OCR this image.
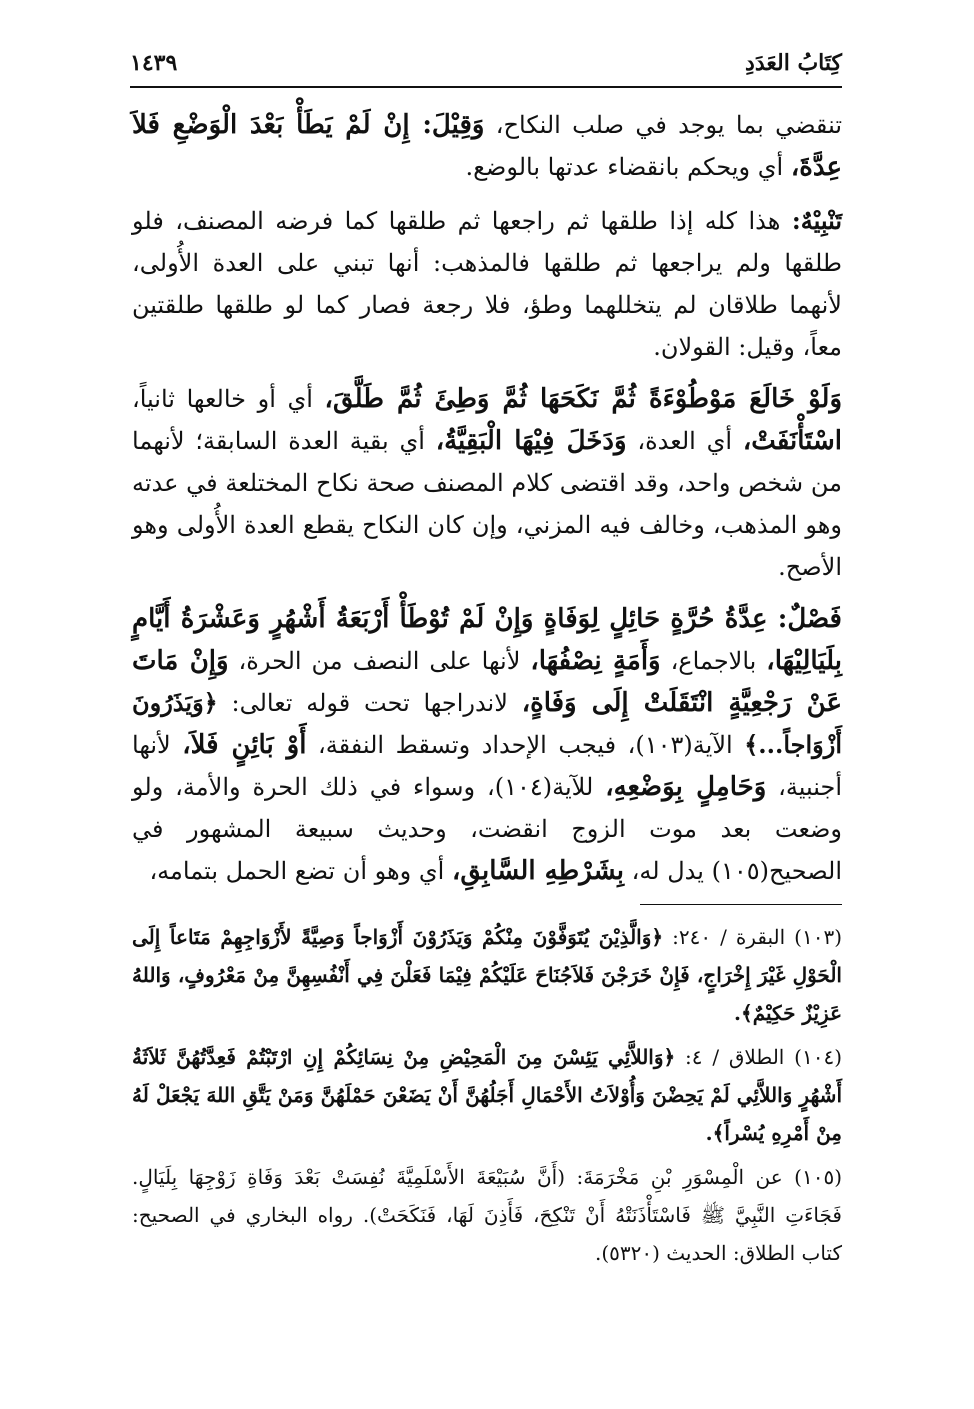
كِتَابُ العَدَدِ
١٤٣٩

تنقضي بما يوجد في صلب النكاح، وَقِيْلَ: إِنْ لَمْ يَطَأْ بَعْدَ الْوَضْعِ فَلاَ عِدَّةَ، أي ويحكم بانقضاء عدتها بالوضع.

تَنْبِيْهٌ: هذا كله إذا طلقها ثم راجعها ثم طلقها كما فرضه المصنف، فلو طلقها ولم يراجعها ثم طلقها فالمذهب: أنها تبني على العدة الأُولى، لأنهما طلاقان لم يتخللهما وطؤ، فلا رجعة فصار كما لو طلقها طلقتين معاً، وقيل: القولان.

وَلَوْ خَالَعَ مَوْطُوْءَةً ثُمَّ نَكَحَهَا ثُمَّ وَطِئَ ثُمَّ طَلَّقَ، أي أو خالعها ثانياً، اسْتَأْنَفَتْ، أي العدة، وَدَخَلَ فِيْهَا الْبَقِيَّةُ، أي بقية العدة السابقة؛ لأنهما من شخص واحد، وقد اقتضى كلام المصنف صحة نكاح المختلعة في عدته وهو المذهب، وخالف فيه المزني، وإن كان النكاح يقطع العدة الأُولى وهو الأصح.

فَصْلٌ: عِدَّةُ حُرَّةٍ حَائِلٍ لِوَفَاةٍ وَإِنْ لَمْ تُوْطَأْ أَرْبَعَةُ أَشْهُرٍ وَعَشْرَةُ أَيَّامٍ بِلَيَالِيْهَا، بالاجماع، وَأَمَةٍ نِصْفُهَا، لأنها على النصف من الحرة، وَإِنْ مَاتَ عَنْ رَجْعِيَّةٍ انْتَقَلَتْ إِلَى وَفَاةٍ، لاندراجها تحت قوله تعالى: ﴿وَيَذَرُونَ أَزْوَاجاً...﴾ الآية(١٠٣)، فيجب الإحداد وتسقط النفقة، أَوْ بَائِنٍ فَلاَ، لأنها أجنبية، وَحَامِلٍ بِوَضْعِهِ، للآية(١٠٤)، وسواء في ذلك الحرة والأمة، ولو وضعت بعد موت الزوج انقضت، وحديث سبيعة المشهور في الصحيح(١٠٥) يدل له، بِشَرْطِهِ السَّابِقِ، أي وهو أن تضع الحمل بتمامه،

(١٠٣) البقرة / ٢٤٠: ﴿وَالَّذِيْنَ يُتَوَفَّوْنَ مِنْكُمْ وَيَذَرُوْنَ أَزْوَاجاً وَصِيَّةً لأَزْوَاجِهِمْ مَتَاعاً إِلَى الْحَوْلِ غَيْرَ إِخْرَاجٍ، فَإِنْ خَرَجْنَ فَلاَجُنَاحَ عَلَيْكُمْ فِيْمَا فَعَلْنَ فِي أَنْفُسِهِنَّ مِنْ مَعْرُوفٍ، وَاللهُ عَزِيْزٌ حَكِيْمٌ﴾.

(١٠٤) الطلاق / ٤: ﴿وَاللاَّئِي يَئِسْنَ مِنَ الْمَحِيْضِ مِنْ نِسَائِكُمْ إِنِ ارْتَبْتُمْ فَعِدَّتُهُنَّ ثَلاَثَةُ أَشْهُرٍ وَاللاَّئِي لَمْ يَحِضْنَ وَأُوْلاَتُ الأَحْمَالِ أَجَلُهُنَّ أَنْ يَضَعْنَ حَمْلَهُنَّ وَمَنْ يَتَّقِ اللهَ يَجْعَلْ لَهُ مِنْ أَمْرِهِ يُسْراً﴾.

(١٠٥) عن الْمِسْوَرِ بْنِ مَخْرَمَةَ: (أَنَّ سُبَيْعَةَ الأَسْلَمِيَّةَ نُفِسَتْ بَعْدَ وَفَاةِ زَوْجِهَا بِلَيَالٍ. فَجَاءَتِ النَّبِيَّ ﷺ فَاسْتَأْذَنَتْهُ أَنْ تَنْكِحَ، فَأَذِنَ لَهَا، فَنَكَحَتْ). رواه البخاري في الصحيح: كتاب الطلاق: الحديث (٥٣٢٠).
